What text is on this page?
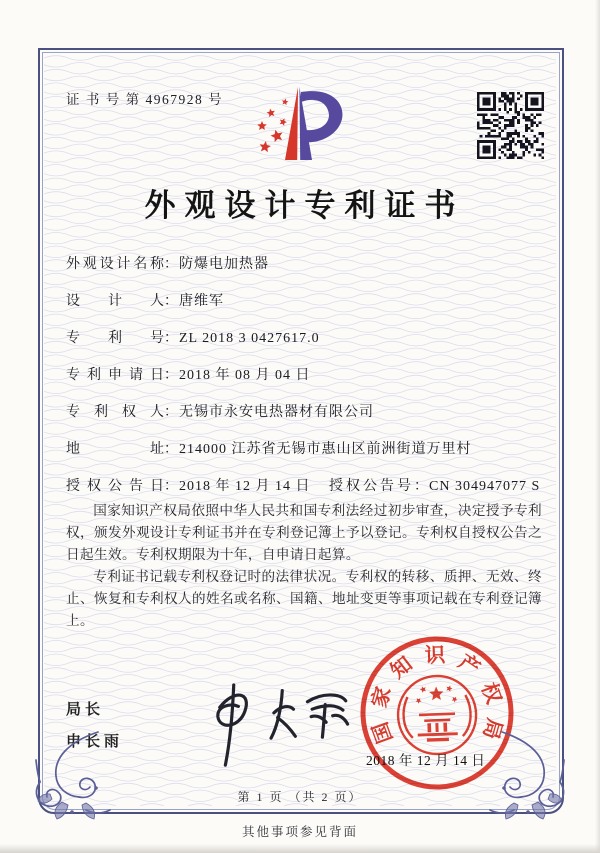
证 书 号 第 4967928 号
外观设计专利证书
外观设计名称：防爆电加热器
设计人：唐维军
专利号：ZL 2018 3 0427617.0
专利申请日：2018 年 08 月 04 日
专利权人：无锡市永安电热器材有限公司
地址：214000 江苏省无锡市惠山区前洲街道万里村
授权公告日：2018 年 12 月 14 日 授权公告号：CN 304947077 S

国家知识产权局依照中华人民共和国专利法经过初步审查，决定授予专利权，颁发外观设计专利证书并在专利登记簿上予以登记。专利权自授权公告之日起生效。专利权期限为十年，自申请日起算。

专利证书记载专利权登记时的法律状况。专利权的转移、质押、无效、终止、恢复和专利权人的姓名或名称、国籍、地址变更等事项记载在专利登记簿上。

局长
申长雨	国
家
知 识 产
权
局
2018 年 12 月 14 日
第 1 页 （共 2 页）
其他事项参见背面
